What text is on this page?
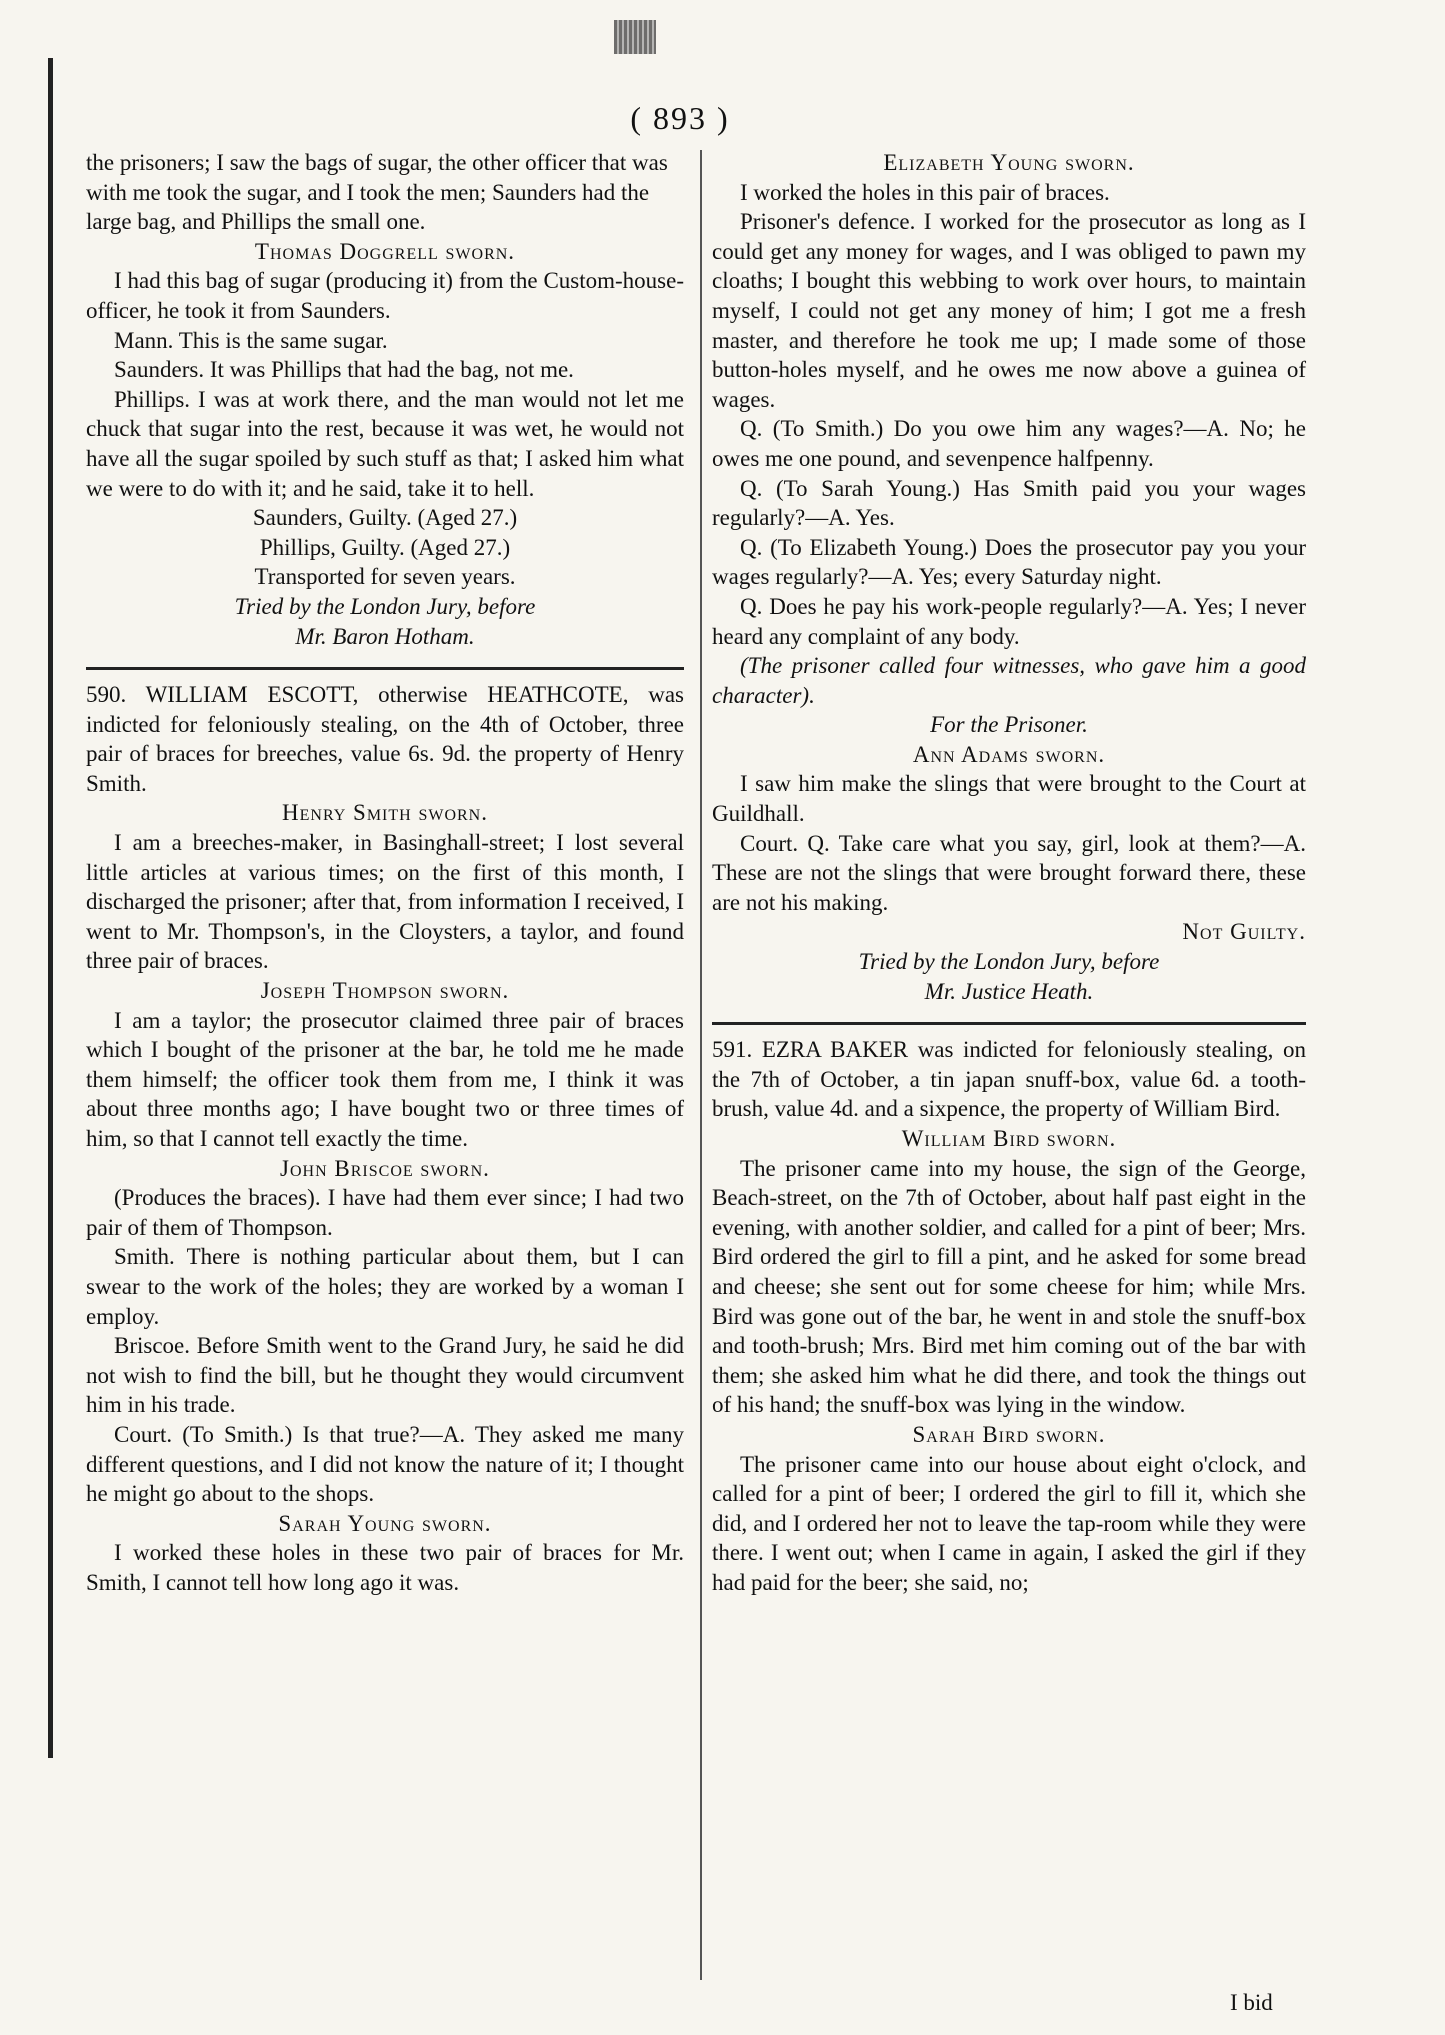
( 893 )

the prisoners; I saw the bags of sugar, the other officer that was with me took the sugar, and I took the men; Saunders had the large bag, and Phillips the small one.

Thomas Doggrell sworn.

I had this bag of sugar (producing it) from the Custom-house-officer, he took it from Saunders.

Mann. This is the same sugar.

Saunders. It was Phillips that had the bag, not me.

Phillips. I was at work there, and the man would not let me chuck that sugar into the rest, because it was wet, he would not have all the sugar spoiled by such stuff as that; I asked him what we were to do with it; and he said, take it to hell.

Saunders, Guilty. (Aged 27.)

Phillips, Guilty. (Aged 27.)

Transported for seven years.

Tried by the London Jury, before

Mr. Baron Hotham.

590. WILLIAM ESCOTT, otherwise HEATHCOTE, was indicted for feloniously stealing, on the 4th of October, three pair of braces for breeches, value 6s. 9d. the property of Henry Smith.

Henry Smith sworn.

I am a breeches-maker, in Basinghall-street; I lost several little articles at various times; on the first of this month, I discharged the prisoner; after that, from information I received, I went to Mr. Thompson's, in the Cloysters, a taylor, and found three pair of braces.

Joseph Thompson sworn.

I am a taylor; the prosecutor claimed three pair of braces which I bought of the prisoner at the bar, he told me he made them himself; the officer took them from me, I think it was about three months ago; I have bought two or three times of him, so that I cannot tell exactly the time.

John Briscoe sworn.

(Produces the braces). I have had them ever since; I had two pair of them of Thompson.

Smith. There is nothing particular about them, but I can swear to the work of the holes; they are worked by a woman I employ.

Briscoe. Before Smith went to the Grand Jury, he said he did not wish to find the bill, but he thought they would circumvent him in his trade.

Court. (To Smith.) Is that true?—A. They asked me many different questions, and I did not know the nature of it; I thought he might go about to the shops.

Sarah Young sworn.

I worked these holes in these two pair of braces for Mr. Smith, I cannot tell how long ago it was.

Elizabeth Young sworn.

I worked the holes in this pair of braces.

Prisoner's defence. I worked for the prosecutor as long as I could get any money for wages, and I was obliged to pawn my cloaths; I bought this webbing to work over hours, to maintain myself, I could not get any money of him; I got me a fresh master, and therefore he took me up; I made some of those button-holes myself, and he owes me now above a guinea of wages.

Q. (To Smith.) Do you owe him any wages?—A. No; he owes me one pound, and sevenpence halfpenny.

Q. (To Sarah Young.) Has Smith paid you your wages regularly?—A. Yes.

Q. (To Elizabeth Young.) Does the prosecutor pay you your wages regularly?—A. Yes; every Saturday night.

Q. Does he pay his work-people regularly?—A. Yes; I never heard any complaint of any body.

(The prisoner called four witnesses, who gave him a good character).

For the Prisoner.

Ann Adams sworn.

I saw him make the slings that were brought to the Court at Guildhall.

Court. Q. Take care what you say, girl, look at them?—A. These are not the slings that were brought forward there, these are not his making.

Not Guilty.

Tried by the London Jury, before

Mr. Justice Heath.

591. EZRA BAKER was indicted for feloniously stealing, on the 7th of October, a tin japan snuff-box, value 6d. a tooth-brush, value 4d. and a sixpence, the property of William Bird.

William Bird sworn.

The prisoner came into my house, the sign of the George, Beach-street, on the 7th of October, about half past eight in the evening, with another soldier, and called for a pint of beer; Mrs. Bird ordered the girl to fill a pint, and he asked for some bread and cheese; she sent out for some cheese for him; while Mrs. Bird was gone out of the bar, he went in and stole the snuff-box and tooth-brush; Mrs. Bird met him coming out of the bar with them; she asked him what he did there, and took the things out of his hand; the snuff-box was lying in the window.

Sarah Bird sworn.

The prisoner came into our house about eight o'clock, and called for a pint of beer; I ordered the girl to fill it, which she did, and I ordered her not to leave the tap-room while they were there. I went out; when I came in again, I asked the girl if they had paid for the beer; she said, no;

I bid
